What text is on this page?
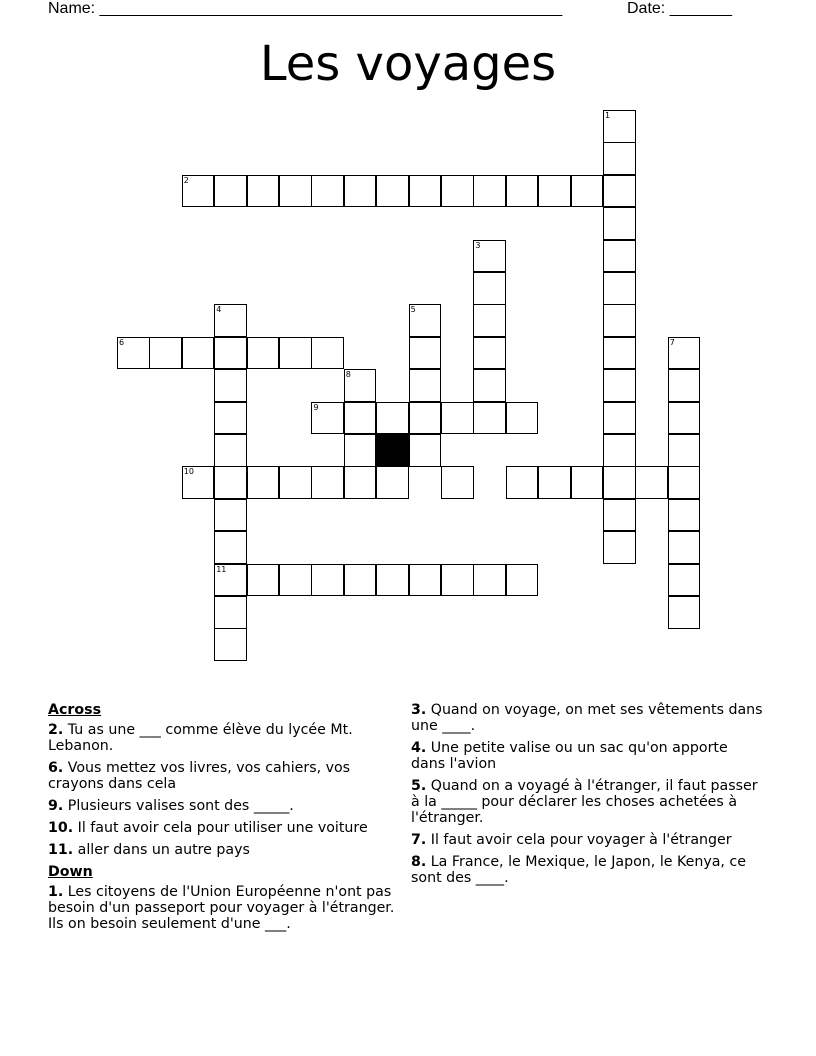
Name: ____________________________________________________	Date: _______
Les voyages
1
2
3
4	5
6	7
8
9
10
11
Across
2. Tu as une ___ comme élève du lycée Mt. Lebanon.
6. Vous mettez vos livres, vos cahiers, vos crayons dans cela
9. Plusieurs valises sont des _____.
10. Il faut avoir cela pour utiliser une voiture
11. aller dans un autre pays
Down
1. Les citoyens de l'Union Européenne n'ont pas besoin d'un passeport pour voyager à l'étranger. Ils on besoin seulement d'une ___.
3. Quand on voyage, on met ses vêtements dans une ____.
4. Une petite valise ou un sac qu'on apporte dans l'avion
5. Quand on a voyagé à l'étranger, il faut passer à la _____ pour déclarer les choses achetées à l'étranger.
7. Il faut avoir cela pour voyager à l'étranger
8. La France, le Mexique, le Japon, le Kenya, ce sont des ____.
